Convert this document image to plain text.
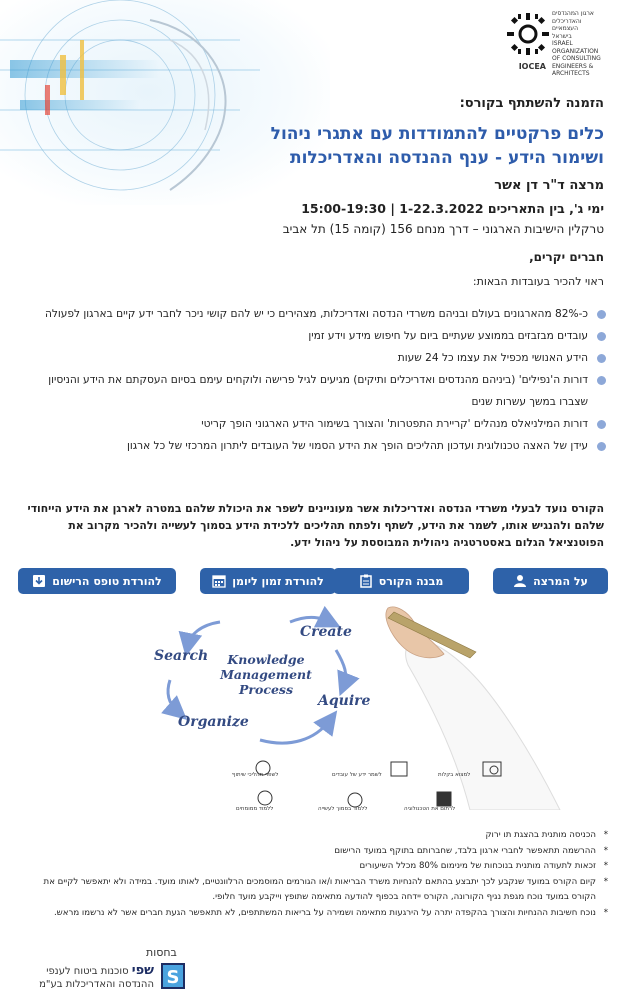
ארגון המהנדסים
והאדריכלים
העצמאיים
בישראל
ISRAEL
ORGANIZATION
OF CONSULTING
ENGINEERS & ARCHITECTS
IOCEA
הזמנה להשתתף בקורס:
כלים פרקטיים להתמודדות עם אתגרי ניהול
ושימור הידע - ענף ההנדסה והאדריכלות
מרצה ד"ר דן אשר
ימי ג', בין התאריכים 1-22.3.2022 | 15:00-19:30
טרקלין הישיבות הארגוני – דרך מנחם 156 (קומה 15) תל אביב
חברים יקרים,
ראוי להכיר בעובדות הבאות:
כ-82% מהארגונים בעולם ובניהם משרדי הנדסה ואדריכלות, מצהירים כי יש להם קושי ניכר לחבר ידע קיים בארגון לפעולה
עובדים מבזבזים בממוצע שעתיים ביום על חיפוש מידע וידע זמין
הידע האנושי מכפיל את עצמו כל 24 שעות
דורות ה'נפילים' (ביניהם מהנדסים ואדריכלים ותיקים) מגיעים לגיל פרישה ולוקחים עימם בסיום העסקתם את הידע והניסיון שצברו במשך עשרות שנים
דורות המילניאלס מנהלים 'קריירת התפטרות' והצורך בשימור הידע הארגוני הופך קריטי
עידן של האצה טכנולוגית ועדכון תהליכים הופך את הידע הסמוי של העובדים ליתרון המרכזי של כל ארגון
הקורס נועד לבעלי משרדי הנדסה ואדריכלות אשר מעוניינים לשפר את היכולת שלהם במטרה לארגן את הידע הייחודי שלהם ולהנגיש אותו, לשמר את הידע, לשתף ולפתח תהליכים ללכידת הידע בסמוך לעשייה ולהכיר מקרוב את הפוטנציאל הגלום באסטרטגיה ניהולית המבוססת על ניהול ידע.
על המרצה
מבנה הקורס
להורדת זמון ליומן
להורדת טופס הרישום
Create
Aquire
Organize
Search Knowledge
Management
Process
למצוא בקלות
לשמר ידע של עובדים
לשפר תהליכי שיתוף
לרתום את הטכנולוגיה
ללמוד בסמוך לעשייה
ללמוד ממומחים
* הכניסה מותנית בהצגת תו ירוק
* ההרשמה תתאפשר לחברי ארגון בלבד, שחברותם בתוקף במועד הרישום
* זכאות לתעודה מותנית בנוכחות של מינימום 80% מכלל השיעורים
* קיום הקורס במועד שנקבע לכך יתבצע בהתאם להנחיות משרד הבריאות ו/או הגורמים המוסמכים הרלוונטיים, לאותו מועד. במידה ולא יתאפשר לקיים את הקורס במועד נוכח מגפת נגיף הקורונה, הקורס יידחה בכפוף להודעה מתאימה שתופץ וייקבע מועד חלופי.
* נוכח חשיבות ההנחיות והצורך בהקפדה יתרה על הירגעות מתאימה ושמירה על בריאות המשתתפים, לא תתאפשר הגעת חברים אשר לא נרשמו מראש.
בחסות
שפי סוכנות ביטוח לענפי
ההנדסה והאדריכלות בע"מ S
